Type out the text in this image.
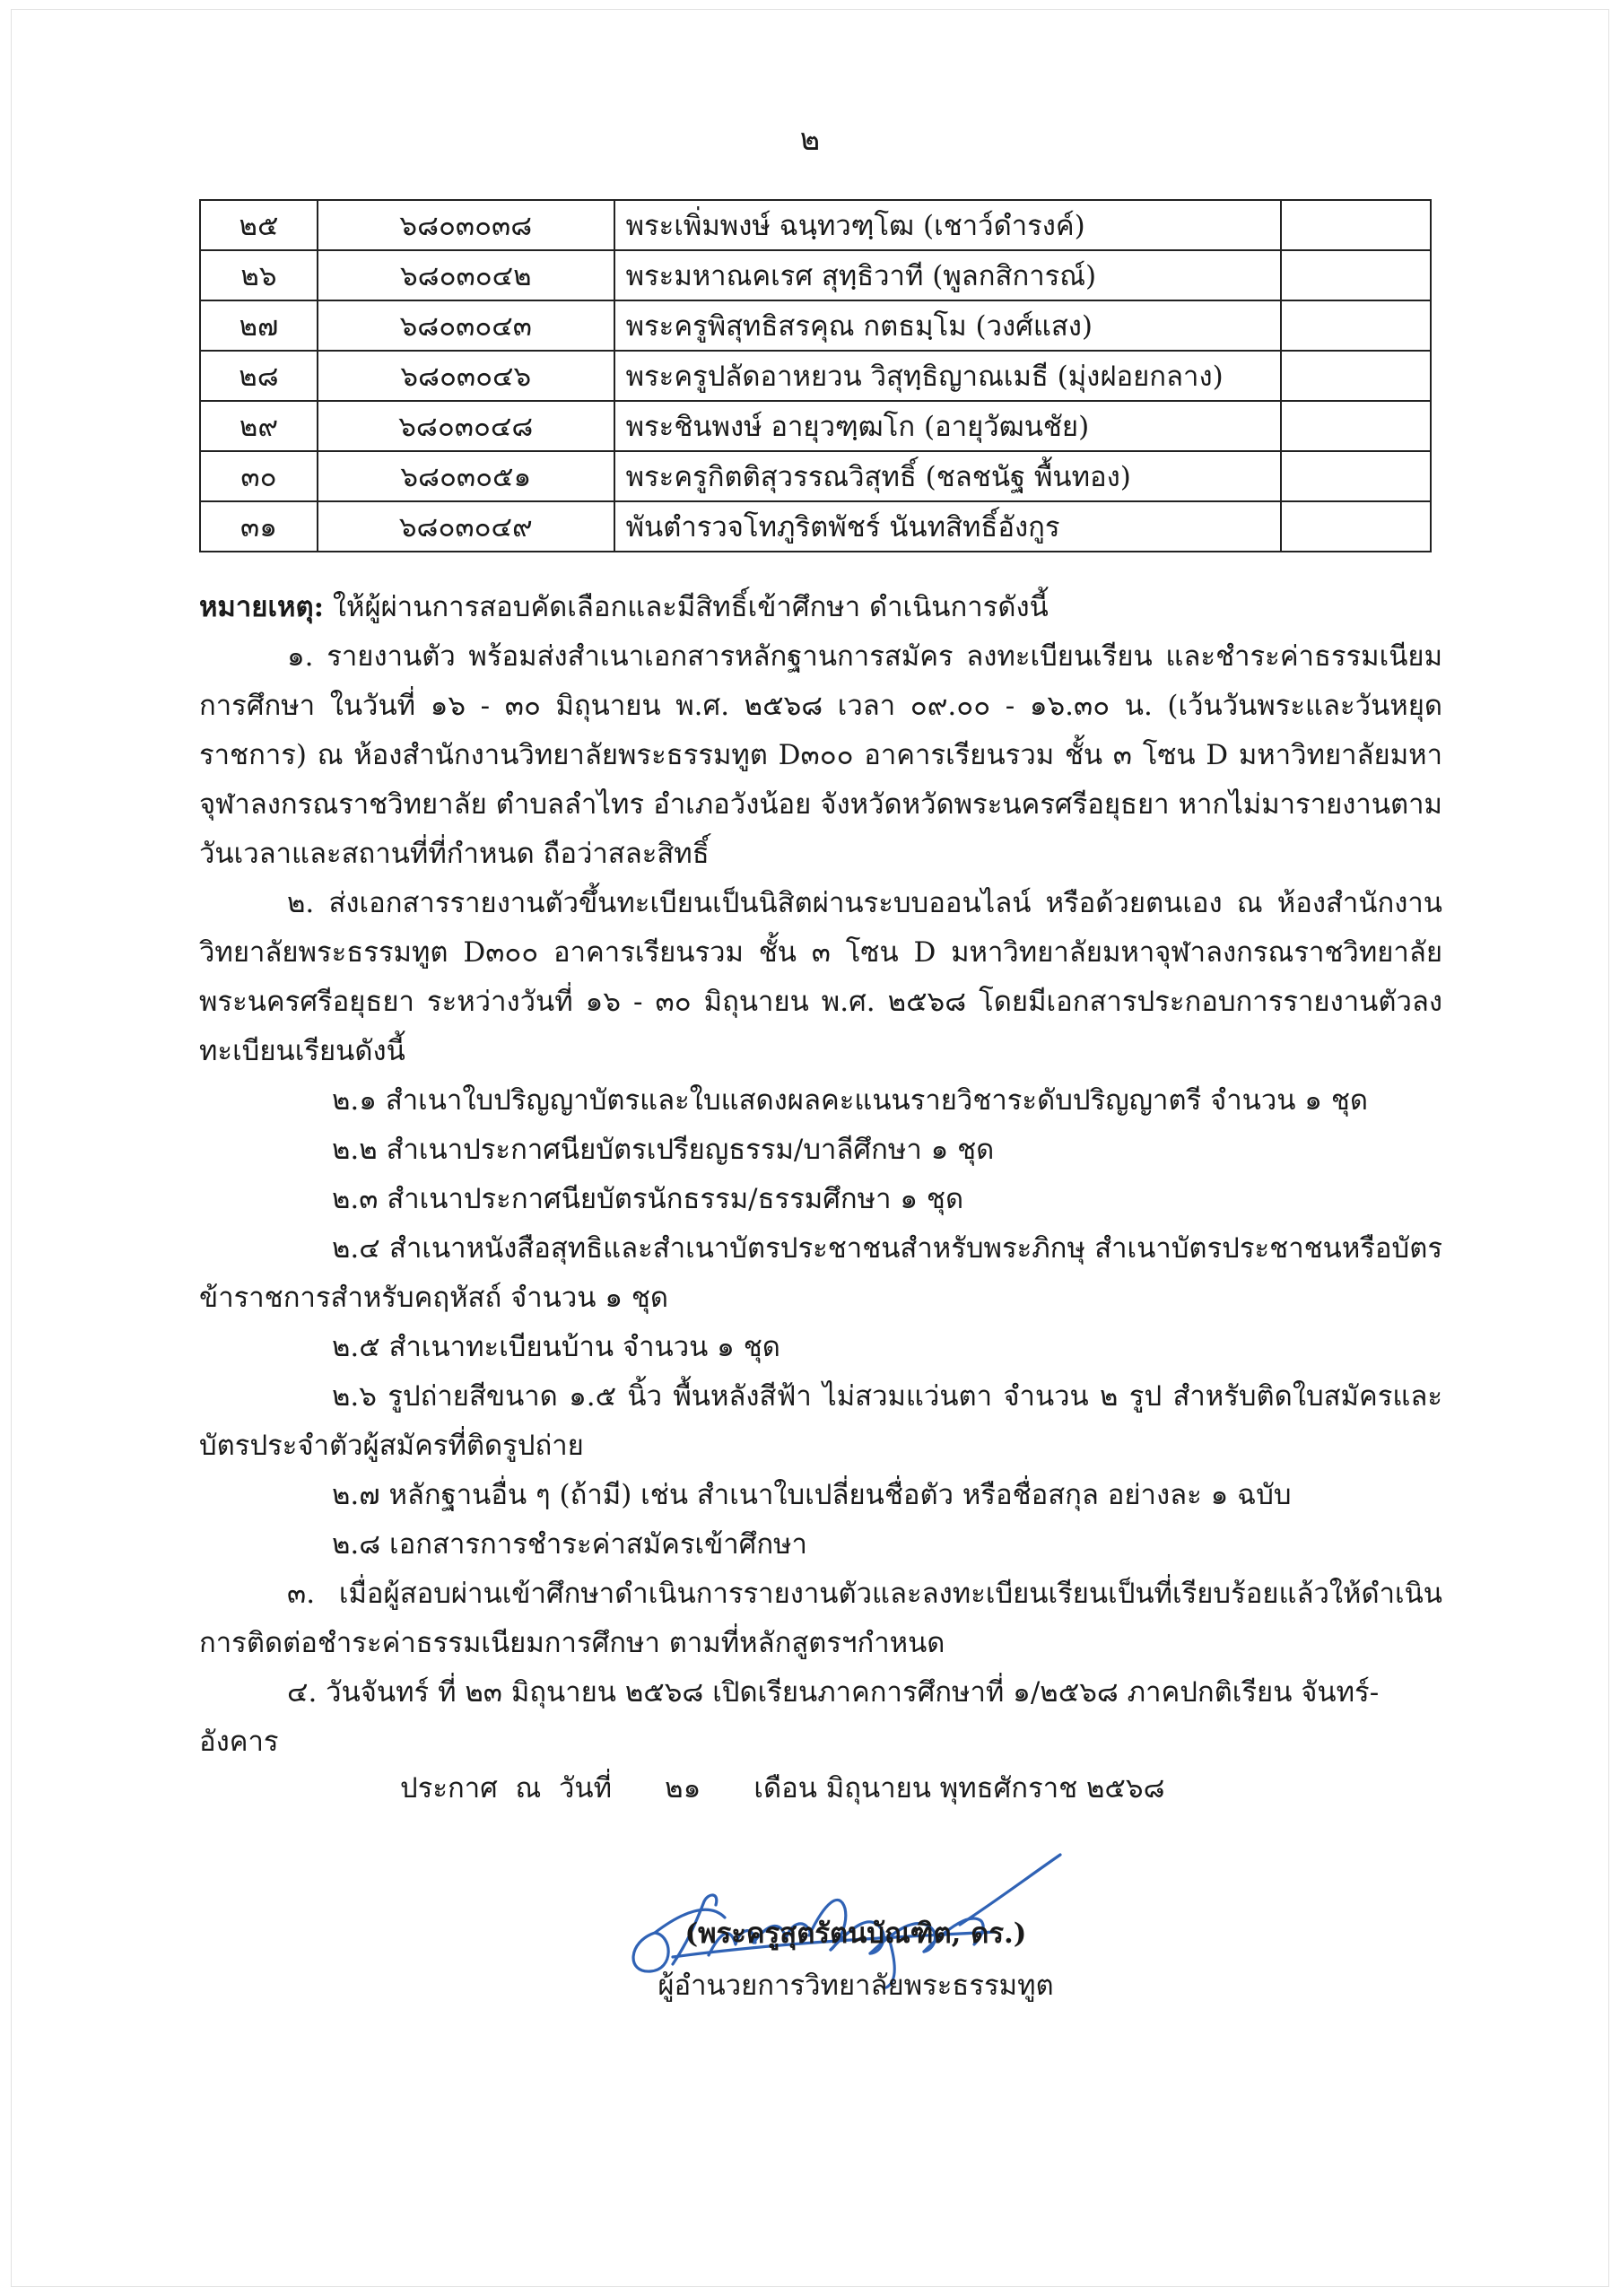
๒
๒๕	๖๘๐๓๐๓๘	พระเพิ่มพงษ์ ฉนฺทวฑฺโฒ (เชาว์ดำรงค์)	
๒๖	๖๘๐๓๐๔๒	พระมหาณคเรศ สุทฺธิวาที (พูลกสิการณ์)	
๒๗	๖๘๐๓๐๔๓	พระครูพิสุทธิสรคุณ กตธมฺโม (วงศ์แสง)	
๒๘	๖๘๐๓๐๔๖	พระครูปลัดอาหยวน วิสุทฺธิญาณเมธี (มุ่งฝอยกลาง)	
๒๙	๖๘๐๓๐๔๘	พระชินพงษ์ อายุวฑฺฒโก (อายุวัฒนชัย)	
๓๐	๖๘๐๓๐๕๑	พระครูกิตติสุวรรณวิสุทธิ์ (ชลชนัฐ พื้นทอง)	
๓๑	๖๘๐๓๐๔๙	พันตำรวจโทภูริตพัชร์ นันทสิทธิ์อังกูร	

หมายเหตุ: ให้ผู้ผ่านการสอบคัดเลือกและมีสิทธิ์เข้าศึกษา ดำเนินการดังนี้

๑. รายงานตัว พร้อมส่งสำเนาเอกสารหลักฐานการสมัคร ลงทะเบียนเรียน และชำระค่าธรรมเนียมการศึกษา ในวันที่ ๑๖ - ๓๐ มิถุนายน พ.ศ. ๒๕๖๘ เวลา ๐๙.๐๐ - ๑๖.๓๐ น. (เว้นวันพระและวันหยุดราชการ) ณ ห้องสำนักงานวิทยาลัยพระธรรมทูต D๓๐๐ อาคารเรียนรวม ชั้น ๓ โซน D มหาวิทยาลัยมหาจุฬาลงกรณราชวิทยาลัย ตำบลลำไทร อำเภอวังน้อย จังหวัดหวัดพระนครศรีอยุธยา หากไม่มารายงานตามวันเวลาและสถานที่ที่กำหนด ถือว่าสละสิทธิ์

๒. ส่งเอกสารรายงานตัวขึ้นทะเบียนเป็นนิสิตผ่านระบบออนไลน์ หรือด้วยตนเอง ณ ห้องสำนักงานวิทยาลัยพระธรรมทูต D๓๐๐ อาคารเรียนรวม ชั้น ๓ โซน D มหาวิทยาลัยมหาจุฬาลงกรณราชวิทยาลัยพระนครศรีอยุธยา ระหว่างวันที่ ๑๖ - ๓๐ มิถุนายน พ.ศ. ๒๕๖๘ โดยมีเอกสารประกอบการรายงานตัวลงทะเบียนเรียนดังนี้

๒.๑ สำเนาใบปริญญาบัตรและใบแสดงผลคะแนนรายวิชาระดับปริญญาตรี จำนวน ๑ ชุด

๒.๒ สำเนาประกาศนียบัตรเปรียญธรรม/บาลีศึกษา ๑ ชุด

๒.๓ สำเนาประกาศนียบัตรนักธรรม/ธรรมศึกษา ๑ ชุด

๒.๔ สำเนาหนังสือสุทธิและสำเนาบัตรประชาชนสำหรับพระภิกษุ สำเนาบัตรประชาชนหรือบัตรข้าราชการสำหรับคฤหัสถ์ จำนวน ๑ ชุด

๒.๕ สำเนาทะเบียนบ้าน จำนวน ๑ ชุด

๒.๖ รูปถ่ายสีขนาด ๑.๕ นิ้ว พื้นหลังสีฟ้า ไม่สวมแว่นตา จำนวน ๒ รูป สำหรับติดใบสมัครและบัตรประจำตัวผู้สมัครที่ติดรูปถ่าย

๒.๗ หลักฐานอื่น ๆ (ถ้ามี) เช่น สำเนาใบเปลี่ยนชื่อตัว หรือชื่อสกุล อย่างละ ๑ ฉบับ

๒.๘ เอกสารการชำระค่าสมัครเข้าศึกษา

๓. เมื่อผู้สอบผ่านเข้าศึกษาดำเนินการรายงานตัวและลงทะเบียนเรียนเป็นที่เรียบร้อยแล้วให้ดำเนินการติดต่อชำระค่าธรรมเนียมการศึกษา ตามที่หลักสูตรฯกำหนด

๔. วันจันทร์ ที่ ๒๓ มิถุนายน ๒๕๖๘ เปิดเรียนภาคการศึกษาที่ ๑/๒๕๖๘ ภาคปกติเรียน จันทร์-อังคาร

ประกาศ  ณ  วันที่      ๒๑      เดือน มิถุนายน พุทธศักราช ๒๕๖๘
(พระครูสุตรัตนบัณฑิต, ดร.)
ผู้อำนวยการวิทยาลัยพระธรรมทูต
